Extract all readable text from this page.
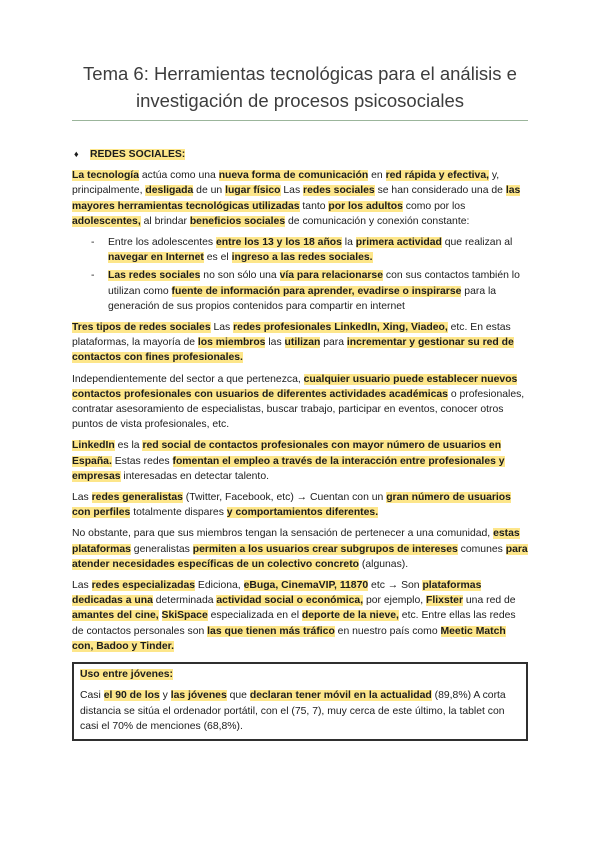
Tema 6: Herramientas tecnológicas para el análisis e
investigación de procesos psicosociales

♦ REDES SOCIALES:

La tecnología actúa como una nueva forma de comunicación en red rápida y efectiva, y, principalmente, desligada de un lugar físico Las redes sociales se han considerado una de las mayores herramientas tecnológicas utilizadas tanto por los adultos como por los adolescentes, al brindar beneficios sociales de comunicación y conexión constante:

- Entre los adolescentes entre los 13 y los 18 años la primera actividad que realizan al navegar en Internet es el ingreso a las redes sociales.
- Las redes sociales no son sólo una vía para relacionarse con sus contactos también lo utilizan como fuente de información para aprender, evadirse o inspirarse para la generación de sus propios contenidos para compartir en internet

Tres tipos de redes sociales Las redes profesionales LinkedIn, Xing, Viadeo, etc. En estas plataformas, la mayoría de los miembros las utilizan para incrementar y gestionar su red de contactos con fines profesionales.

Independientemente del sector a que pertenezca, cualquier usuario puede establecer nuevos contactos profesionales con usuarios de diferentes actividades académicas o profesionales, contratar asesoramiento de especialistas, buscar trabajo, participar en eventos, conocer otros puntos de vista profesionales, etc.

LinkedIn es la red social de contactos profesionales con mayor número de usuarios en España. Estas redes fomentan el empleo a través de la interacción entre profesionales y empresas interesadas en detectar talento.

Las redes generalistas (Twitter, Facebook, etc) → Cuentan con un gran número de usuarios con perfiles totalmente dispares y comportamientos diferentes.

No obstante, para que sus miembros tengan la sensación de pertenecer a una comunidad, estas plataformas generalistas permiten a los usuarios crear subgrupos de intereses comunes para atender necesidades específicas de un colectivo concreto (algunas).

Las redes especializadas Ediciona, eBuga, CinemaVIP, 11870 etc → Son plataformas dedicadas a una determinada actividad social o económica, por ejemplo, Flixster una red de amantes del cine, SkiSpace especializada en el deporte de la nieve, etc. Entre ellas las redes de contactos personales son las que tienen más tráfico en nuestro país como Meetic Match con, Badoo y Tinder.

Uso entre jóvenes:

Casi el 90 de los y las jóvenes que declaran tener móvil en la actualidad (89,8%) A corta distancia se sitúa el ordenador portátil, con el (75, 7), muy cerca de este último, la tablet con casi el 70% de menciones (68,8%).
